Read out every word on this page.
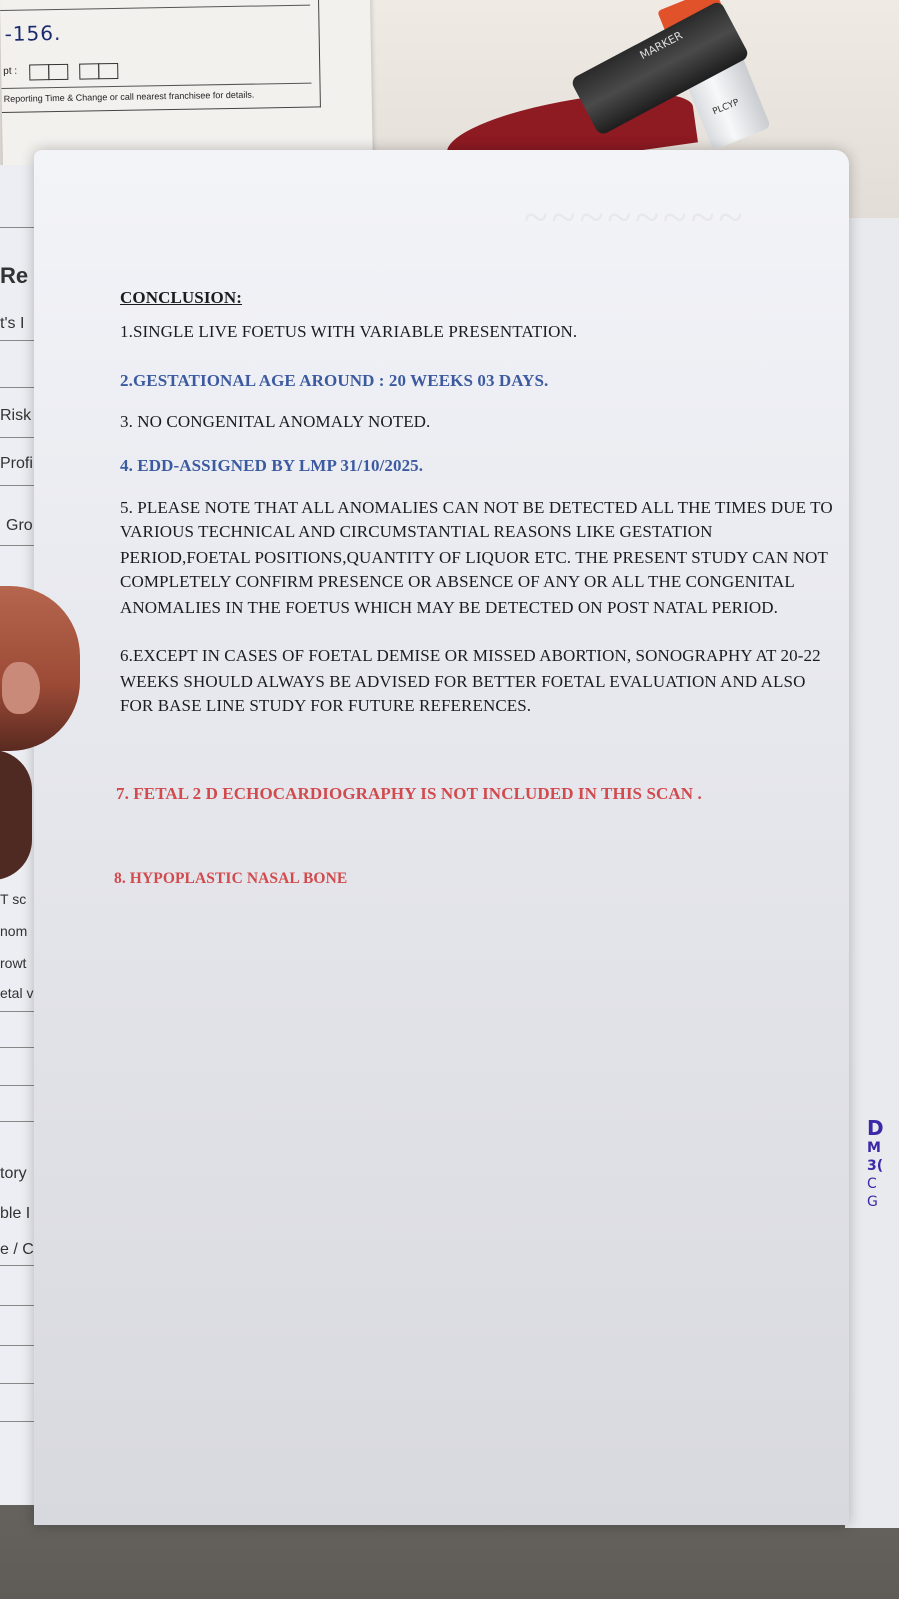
-156.
pt :
Reporting Time & Change or call nearest franchisee for details.
PLCYP
MARKER
Re
t's I
Risk
Profi
Gro
T sc
nom
rowt
etal v
tory
ble I
e / C
D
M
3(
C
G
~~~~~~~~
CONCLUSION:
1.SINGLE LIVE FOETUS WITH VARIABLE PRESENTATION.
2.GESTATIONAL AGE AROUND : 20 WEEKS 03 DAYS.
3. NO CONGENITAL ANOMALY NOTED.
4. EDD-ASSIGNED BY LMP 31/10/2025.
5. PLEASE NOTE THAT ALL ANOMALIES CAN NOT BE DETECTED ALL THE TIMES DUE TO
VARIOUS TECHNICAL AND CIRCUMSTANTIAL REASONS LIKE GESTATION
PERIOD,FOETAL POSITIONS,QUANTITY OF LIQUOR ETC. THE PRESENT STUDY CAN NOT
COMPLETELY CONFIRM PRESENCE OR ABSENCE OF ANY OR ALL THE CONGENITAL
ANOMALIES IN THE FOETUS WHICH MAY BE DETECTED ON POST NATAL PERIOD.
6.EXCEPT IN CASES OF FOETAL DEMISE OR MISSED ABORTION, SONOGRAPHY AT 20-22
WEEKS SHOULD ALWAYS BE ADVISED FOR BETTER FOETAL EVALUATION AND ALSO
FOR BASE LINE STUDY FOR FUTURE REFERENCES.
7. FETAL 2 D ECHOCARDIOGRAPHY IS NOT INCLUDED IN THIS SCAN .
8. HYPOPLASTIC NASAL BONE
